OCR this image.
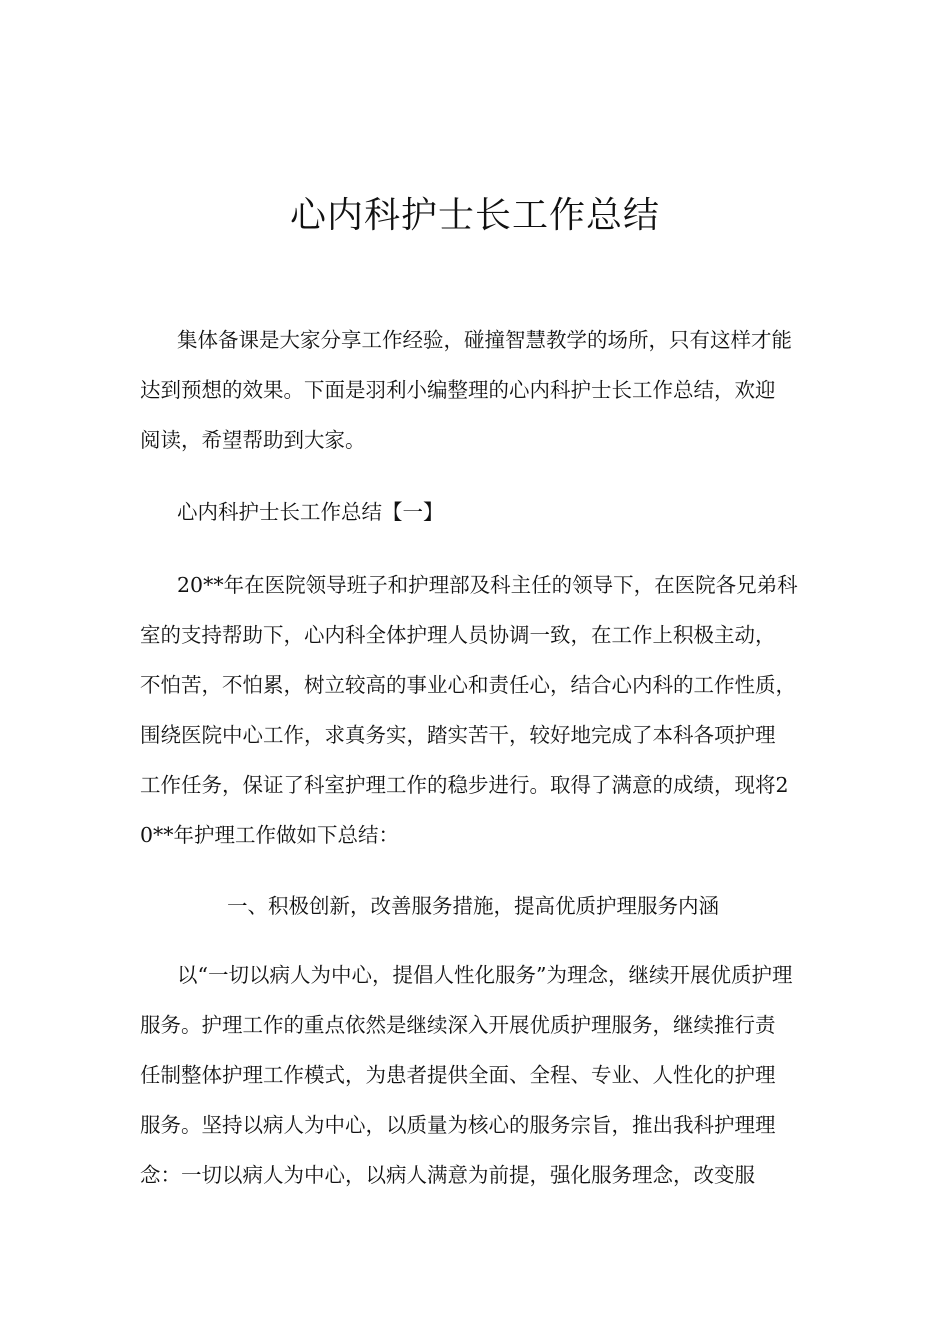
心内科护士长工作总结
集体备课是大家分享工作经验，碰撞智慧教学的场所，只有这样才能
达到预想的效果。下面是羽利小编整理的心内科护士长工作总结，欢迎
阅读，希望帮助到大家。
心内科护士长工作总结【一】
20**年在医院领导班子和护理部及科主任的领导下，在医院各兄弟科
室的支持帮助下，心内科全体护理人员协调一致，在工作上积极主动，
不怕苦，不怕累，树立较高的事业心和责任心，结合心内科的工作性质，
围绕医院中心工作，求真务实，踏实苦干，较好地完成了本科各项护理
工作任务，保证了科室护理工作的稳步进行。取得了满意的成绩，现将2
0**年护理工作做如下总结：
一、积极创新，改善服务措施，提高优质护理服务内涵
以“一切以病人为中心，提倡人性化服务”为理念，继续开展优质护理
服务。护理工作的重点依然是继续深入开展优质护理服务，继续推行责
任制整体护理工作模式，为患者提供全面、全程、专业、人性化的护理
服务。坚持以病人为中心，以质量为核心的服务宗旨，推出我科护理理
念：一切以病人为中心，以病人满意为前提，强化服务理念，改变服
